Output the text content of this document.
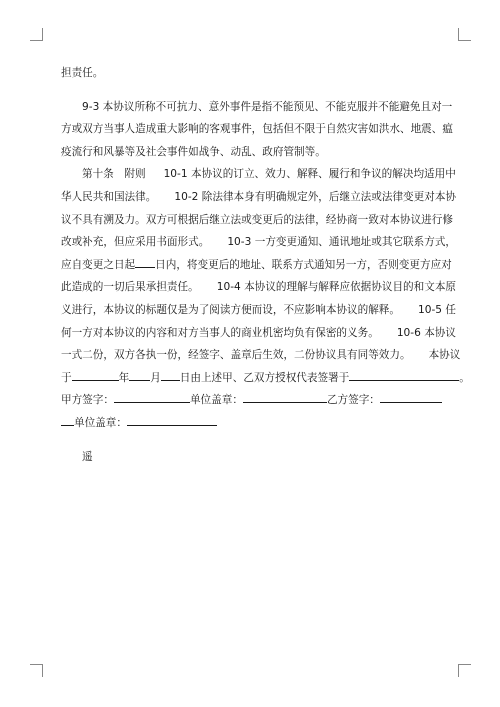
担责任。
9-3 本协议所称不可抗力、意外事件是指不能预见、不能克服并不能避免且对一
方或双方当事人造成重大影响的客观事件，包括但不限于自然灾害如洪水、地震、瘟
疫流行和风暴等及社会事件如战争、动乱、政府管制等。
第十条　附则 10-1 本协议的订立、效力、解释、履行和争议的解决均适用中
华人民共和国法律。 10-2 除法律本身有明确规定外，后继立法或法律变更对本协
议不具有溯及力。双方可根据后继立法或变更后的法律，经协商一致对本协议进行修
改或补充，但应采用书面形式。 10-3 一方变更通知、通讯地址或其它联系方式，
应自变更之日起 日内，将变更后的地址、联系方式通知另一方，否则变更方应对
此造成的一切后果承担责任。 10-4 本协议的理解与解释应依据协议目的和文本原
义进行，本协议的标题仅是为了阅读方便而设，不应影响本协议的解释。 10-5 任
何一方对本协议的内容和对方当事人的商业机密均负有保密的义务。 10-6 本协议
一式二份，双方各执一份，经签字、盖章后生效，二份协议具有同等效力。 本协议
于	年 月 日由上述甲、乙双方授权代表签署于	。
甲方签字：	单位盖章：	乙方签字：
单位盖章：
遥
